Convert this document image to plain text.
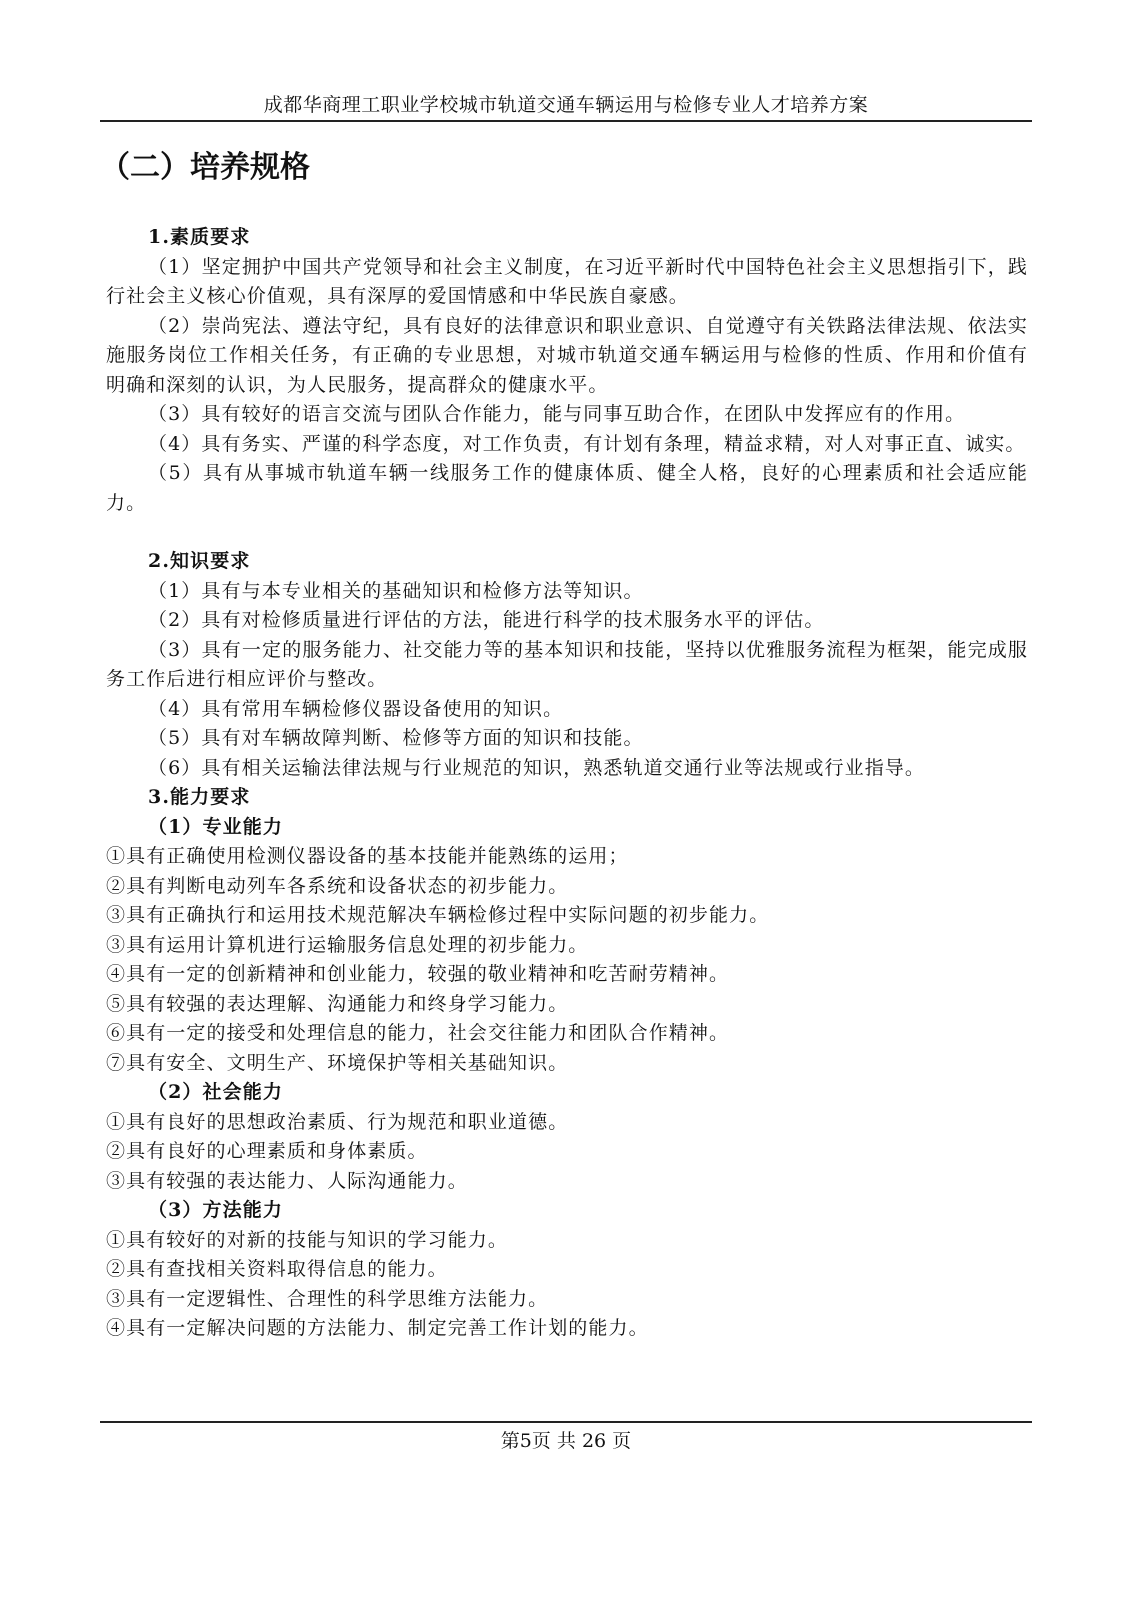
成都华商理工职业学校城市轨道交通车辆运用与检修专业人才培养方案
（二）培养规格

1.素质要求

（1）坚定拥护中国共产党领导和社会主义制度，在习近平新时代中国特色社会主义思想指引下，践行社会主义核心价值观，具有深厚的爱国情感和中华民族自豪感。

（2）崇尚宪法、遵法守纪，具有良好的法律意识和职业意识、自觉遵守有关铁路法律法规、依法实施服务岗位工作相关任务，有正确的专业思想，对城市轨道交通车辆运用与检修的性质、作用和价值有明确和深刻的认识，为人民服务，提高群众的健康水平。

（3）具有较好的语言交流与团队合作能力，能与同事互助合作，在团队中发挥应有的作用。

（4）具有务实、严谨的科学态度，对工作负责，有计划有条理，精益求精，对人对事正直、诚实。

（5）具有从事城市轨道车辆一线服务工作的健康体质、健全人格，良好的心理素质和社会适应能力。

2.知识要求

（1）具有与本专业相关的基础知识和检修方法等知识。

（2）具有对检修质量进行评估的方法，能进行科学的技术服务水平的评估。

（3）具有一定的服务能力、社交能力等的基本知识和技能，坚持以优雅服务流程为框架，能完成服务工作后进行相应评价与整改。

（4）具有常用车辆检修仪器设备使用的知识。

（5）具有对车辆故障判断、检修等方面的知识和技能。

（6）具有相关运输法律法规与行业规范的知识，熟悉轨道交通行业等法规或行业指导。

3.能力要求

（1）专业能力

①具有正确使用检测仪器设备的基本技能并能熟练的运用；

②具有判断电动列车各系统和设备状态的初步能力。

③具有正确执行和运用技术规范解决车辆检修过程中实际问题的初步能力。

③具有运用计算机进行运输服务信息处理的初步能力。

④具有一定的创新精神和创业能力，较强的敬业精神和吃苦耐劳精神。

⑤具有较强的表达理解、沟通能力和终身学习能力。

⑥具有一定的接受和处理信息的能力，社会交往能力和团队合作精神。

⑦具有安全、文明生产、环境保护等相关基础知识。

（2）社会能力

①具有良好的思想政治素质、行为规范和职业道德。

②具有良好的心理素质和身体素质。

③具有较强的表达能力、人际沟通能力。

（3）方法能力

①具有较好的对新的技能与知识的学习能力。

②具有查找相关资料取得信息的能力。

③具有一定逻辑性、合理性的科学思维方法能力。

④具有一定解决问题的方法能力、制定完善工作计划的能力。

第5页 共 26 页
